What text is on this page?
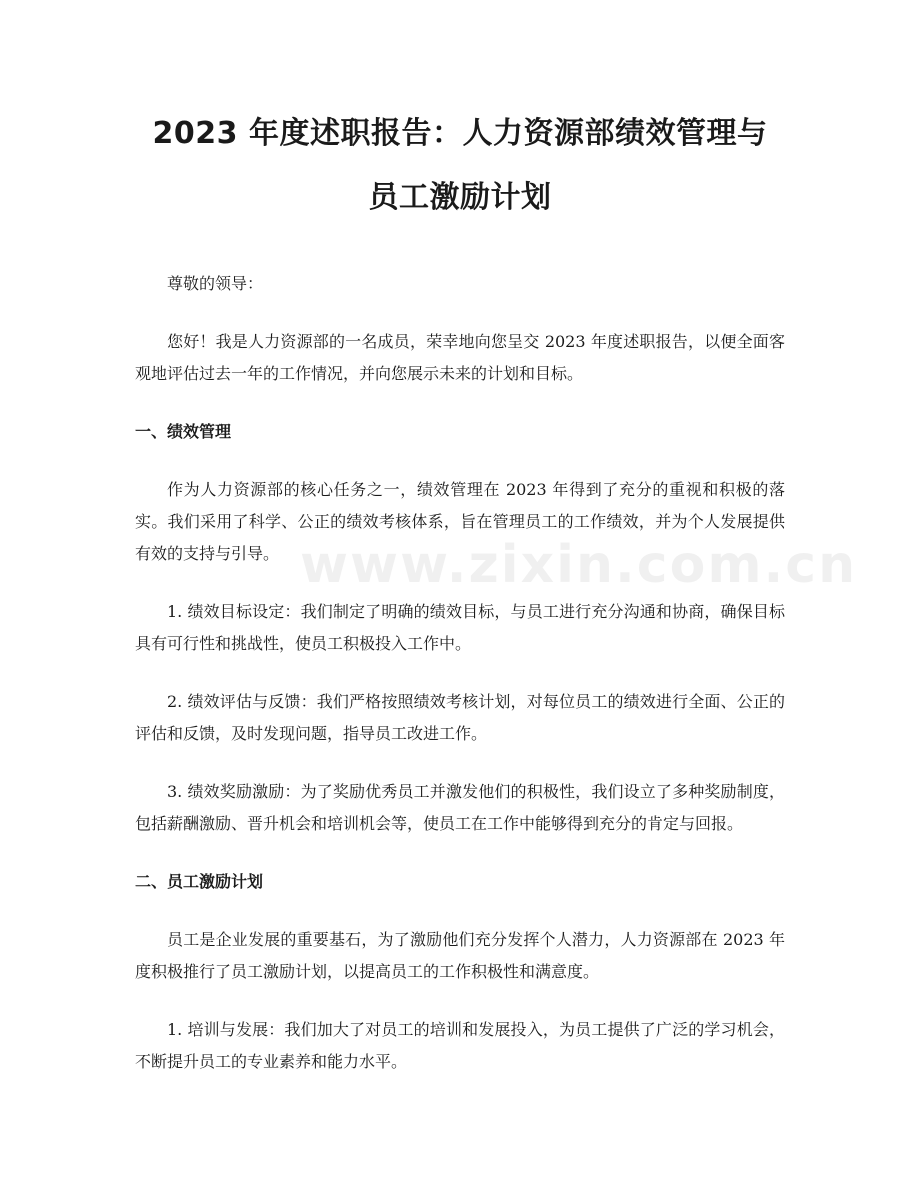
2023 年度述职报告：人力资源部绩效管理与
员工激励计划

尊敬的领导：

您好！我是人力资源部的一名成员，荣幸地向您呈交 2023 年度述职报告，以便全面客观地评估过去一年的工作情况，并向您展示未来的计划和目标。

一、绩效管理

作为人力资源部的核心任务之一，绩效管理在 2023 年得到了充分的重视和积极的落实。我们采用了科学、公正的绩效考核体系，旨在管理员工的工作绩效，并为个人发展提供有效的支持与引导。

1. 绩效目标设定：我们制定了明确的绩效目标，与员工进行充分沟通和协商，确保目标具有可行性和挑战性，使员工积极投入工作中。

2. 绩效评估与反馈：我们严格按照绩效考核计划，对每位员工的绩效进行全面、公正的评估和反馈，及时发现问题，指导员工改进工作。

3. 绩效奖励激励：为了奖励优秀员工并激发他们的积极性，我们设立了多种奖励制度，包括薪酬激励、晋升机会和培训机会等，使员工在工作中能够得到充分的肯定与回报。

二、员工激励计划

员工是企业发展的重要基石，为了激励他们充分发挥个人潜力，人力资源部在 2023 年度积极推行了员工激励计划，以提高员工的工作积极性和满意度。

1. 培训与发展：我们加大了对员工的培训和发展投入，为员工提供了广泛的学习机会，不断提升员工的专业素养和能力水平。

www.zixin.com.cn
